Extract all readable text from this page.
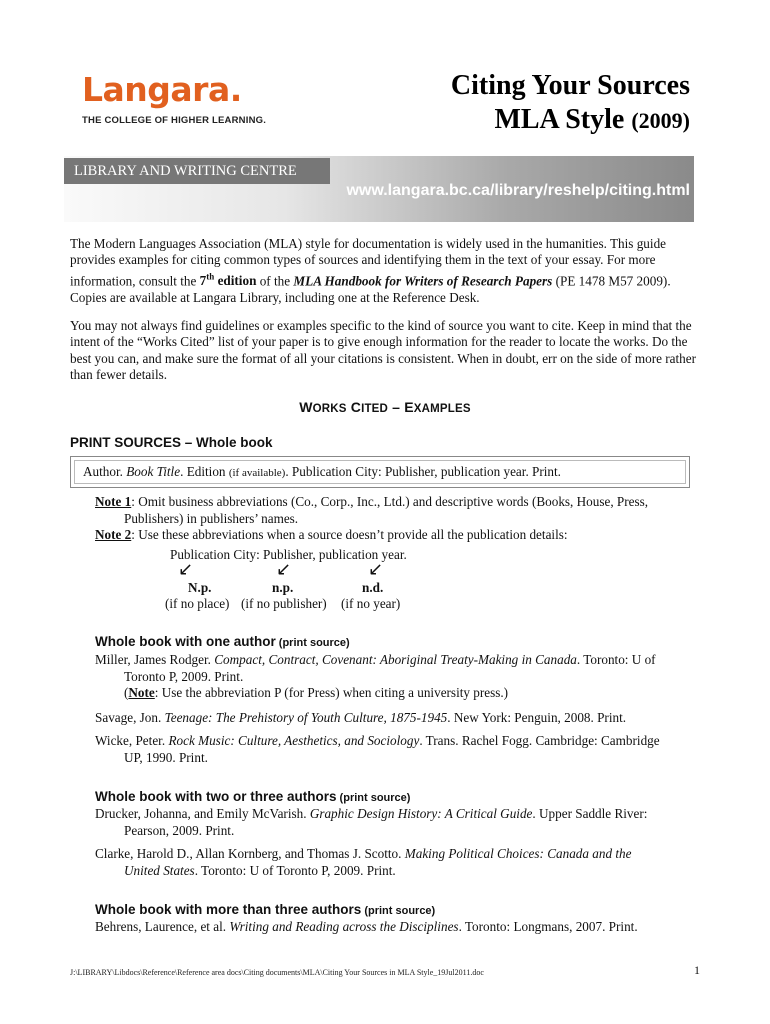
Langara.
THE COLLEGE OF HIGHER LEARNING.
Citing Your Sources
MLA Style (2009)
LIBRARY AND WRITING CENTRE
www.langara.bc.ca/library/reshelp/citing.html
The Modern Languages Association (MLA) style for documentation is widely used in the humanities. This guide provides examples for citing common types of sources and identifying them in the text of your essay. For more information, consult the 7th edition of the MLA Handbook for Writers of Research Papers (PE 1478 M57 2009). Copies are available at Langara Library, including one at the Reference Desk.
You may not always find guidelines or examples specific to the kind of source you want to cite. Keep in mind that the intent of the “Works Cited” list of your paper is to give enough information for the reader to locate the works. Do the best you can, and make sure the format of all your citations is consistent. When in doubt, err on the side of more rather than fewer details.
WORKS CITED – EXAMPLES
PRINT SOURCES – Whole book
Author. Book Title. Edition (if available). Publication City: Publisher, publication year. Print.
Note 1: Omit business abbreviations (Co., Corp., Inc., Ltd.) and descriptive words (Books, House, Press,
Publishers) in publishers’ names.
Note 2: Use these abbreviations when a source doesn’t provide all the publication details:
Publication City: Publisher, publication year.
↙	↙	↙
N.p.	n.p.	n.d.
(if no place) (if no publisher) (if no year)
Whole book with one author (print source)
Miller, James Rodger. Compact, Contract, Covenant: Aboriginal Treaty-Making in Canada. Toronto: U of
Toronto P, 2009. Print.
(Note: Use the abbreviation P (for Press) when citing a university press.)
Savage, Jon. Teenage: The Prehistory of Youth Culture, 1875-1945. New York: Penguin, 2008. Print.
Wicke, Peter. Rock Music: Culture, Aesthetics, and Sociology. Trans. Rachel Fogg. Cambridge: Cambridge
UP, 1990. Print.
Whole book with two or three authors (print source)
Drucker, Johanna, and Emily McVarish. Graphic Design History: A Critical Guide. Upper Saddle River:
Pearson, 2009. Print.
Clarke, Harold D., Allan Kornberg, and Thomas J. Scotto. Making Political Choices: Canada and the
United States. Toronto: U of Toronto P, 2009. Print.
Whole book with more than three authors (print source)
Behrens, Laurence, et al. Writing and Reading across the Disciplines. Toronto: Longmans, 2007. Print.
J:\LIBRARY\Libdocs\Reference\Reference area docs\Citing documents\MLA\Citing Your Sources in MLA Style_19Jul2011.doc	1
